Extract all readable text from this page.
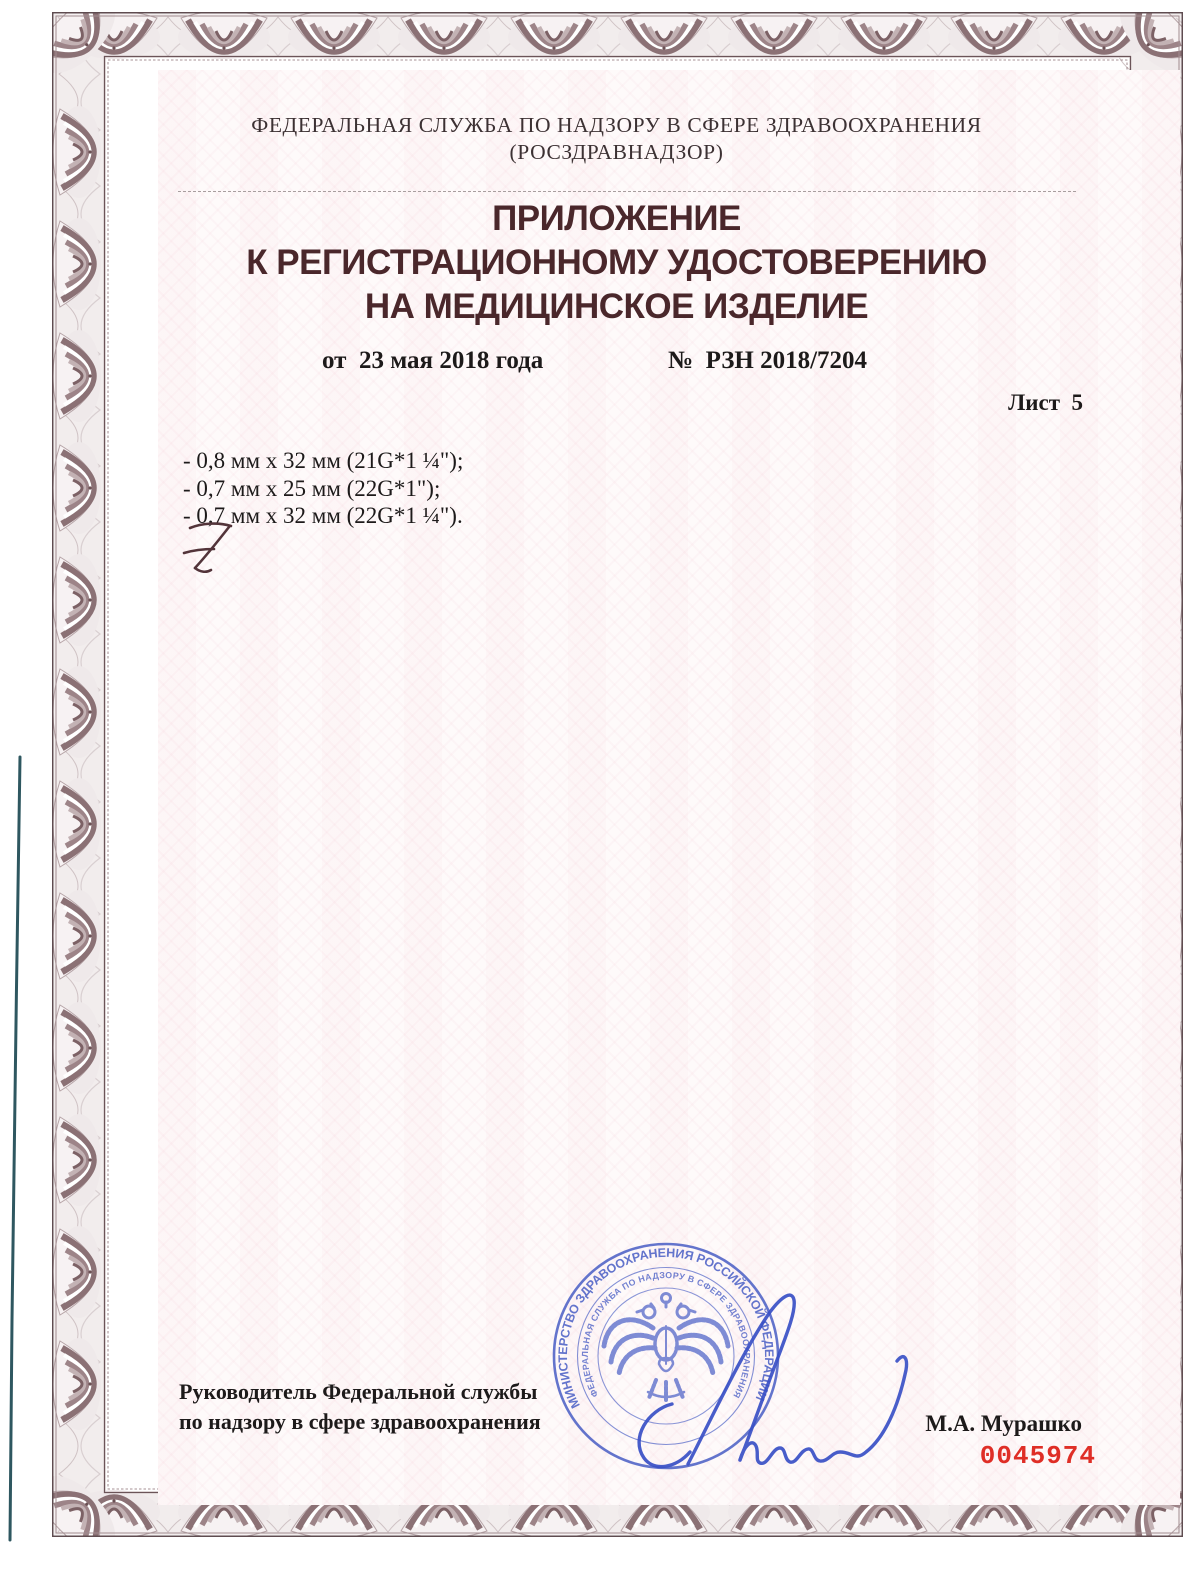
ФЕДЕРАЛЬНАЯ СЛУЖБА ПО НАДЗОРУ В СФЕРЕ ЗДРАВООХРАНЕНИЯ
(РОСЗДРАВНАДЗОР)
ПРИЛОЖЕНИЕ
К РЕГИСТРАЦИОННОМУ УДОСТОВЕРЕНИЮ
НА МЕДИЦИНСКОЕ ИЗДЕЛИЕ
от  23 мая 2018 года	№  РЗН 2018/7204
Лист  5
- 0,8 мм х 32 мм (21G*1 ¼");
- 0,7 мм х 25 мм (22G*1");
- 0,7 мм х 32 мм (22G*1 ¼").
Руководитель Федеральной службы
по надзору в сфере здравоохранения	М.А. Мурашко
0045974
МИНИСТЕРСТВО ЗДРАВООХРАНЕНИЯ РОССИЙСКОЙ ФЕДЕРАЦИИ
ФЕДЕРАЛЬНАЯ СЛУЖБА ПО НАДЗОРУ В СФЕРЕ ЗДРАВООХРАНЕНИЯ
